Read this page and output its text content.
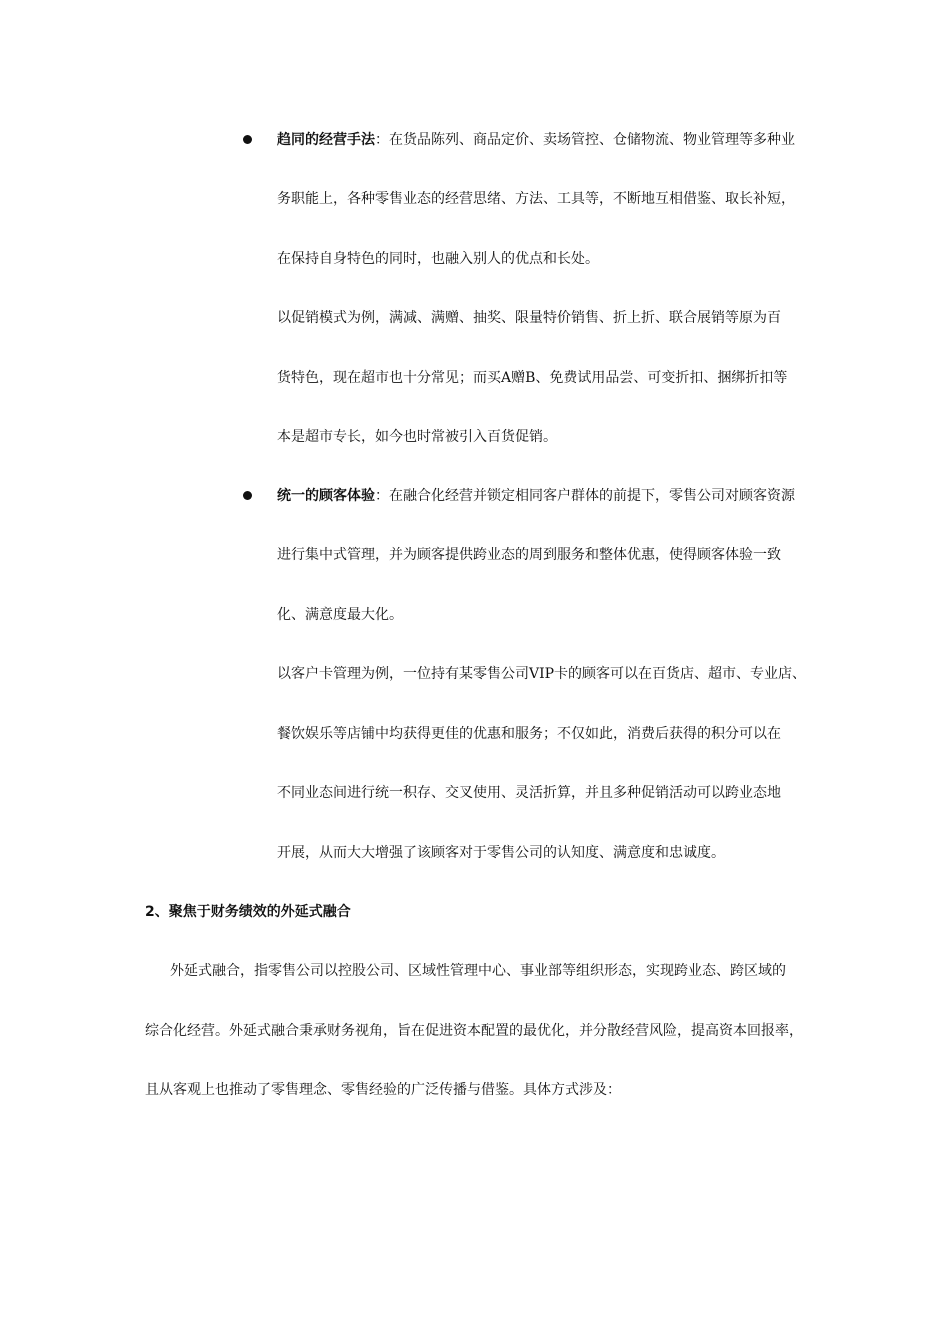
趋同的经营手法：在货品陈列、商品定价、卖场管控、仓储物流、物业管理等多种业
务职能上，各种零售业态的经营思绪、方法、工具等，不断地互相借鉴、取长补短，
在保持自身特色的同时，也融入别人的优点和长处。
以促销模式为例，满减、满赠、抽奖、限量特价销售、折上折、联合展销等原为百
货特色，现在超市也十分常见；而买A赠B、免费试用品尝、可变折扣、捆绑折扣等
本是超市专长，如今也时常被引入百货促销。
统一的顾客体验：在融合化经营并锁定相同客户群体的前提下，零售公司对顾客资源
进行集中式管理，并为顾客提供跨业态的周到服务和整体优惠，使得顾客体验一致
化、满意度最大化。
以客户卡管理为例，一位持有某零售公司VIP卡的顾客可以在百货店、超市、专业店、
餐饮娱乐等店铺中均获得更佳的优惠和服务；不仅如此，消费后获得的积分可以在
不同业态间进行统一积存、交叉使用、灵活折算，并且多种促销活动可以跨业态地
开展，从而大大增强了该顾客对于零售公司的认知度、满意度和忠诚度。
2、聚焦于财务绩效的外延式融合
外延式融合，指零售公司以控股公司、区域性管理中心、事业部等组织形态，实现跨业态、跨区域的
综合化经营。外延式融合秉承财务视角，旨在促进资本配置的最优化，并分散经营风险，提高资本回报率，
且从客观上也推动了零售理念、零售经验的广泛传播与借鉴。具体方式涉及：
